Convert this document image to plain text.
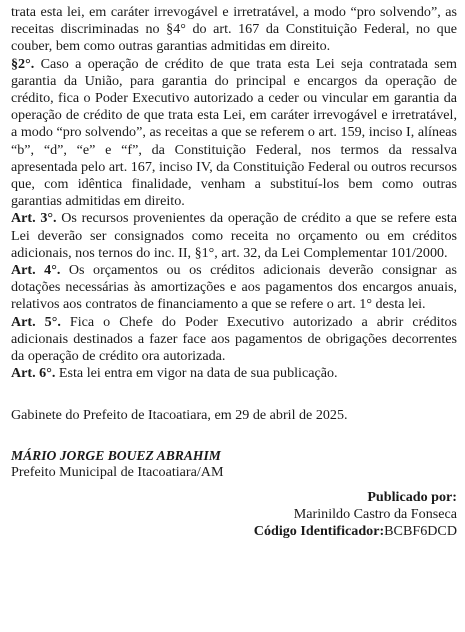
trata esta lei, em caráter irrevogável e irretratável, a modo “pro solvendo”, as receitas discriminadas no §4° do art. 167 da Constituição Federal, no que couber, bem como outras garantias admitidas em direito.

§2°. Caso a operação de crédito de que trata esta Lei seja contratada sem garantia da União, para garantia do principal e encargos da operação de crédito, fica o Poder Executivo autorizado a ceder ou vincular em garantia da operação de crédito de que trata esta Lei, em caráter irrevogável e irretratável, a modo “pro solvendo”, as receitas a que se referem o art. 159, inciso I, alíneas “b”, “d”, “e” e “f”, da Constituição Federal, nos termos da ressalva apresentada pelo art. 167, inciso IV, da Constituição Federal ou outros recursos que, com idêntica finalidade, venham a substituí-los bem como outras garantias admitidas em direito.

Art. 3°. Os recursos provenientes da operação de crédito a que se refere esta Lei deverão ser consignados como receita no orçamento ou em créditos adicionais, nos ternos do inc. II, §1°, art. 32, da Lei Complementar 101/2000.

Art. 4°. Os orçamentos ou os créditos adicionais deverão consignar as dotações necessárias às amortizações e aos pagamentos dos encargos anuais, relativos aos contratos de financiamento a que se refere o art. 1° desta lei.

Art. 5°. Fica o Chefe do Poder Executivo autorizado a abrir créditos adicionais destinados a fazer face aos pagamentos de obrigações decorrentes da operação de crédito ora autorizada.

Art. 6°. Esta lei entra em vigor na data de sua publicação.

Gabinete do Prefeito de Itacoatiara, em 29 de abril de 2025.

MÁRIO JORGE BOUEZ ABRAHIM

Prefeito Municipal de Itacoatiara/AM

Publicado por:
Marinildo Castro da Fonseca
Código Identificador:BCBF6DCD
